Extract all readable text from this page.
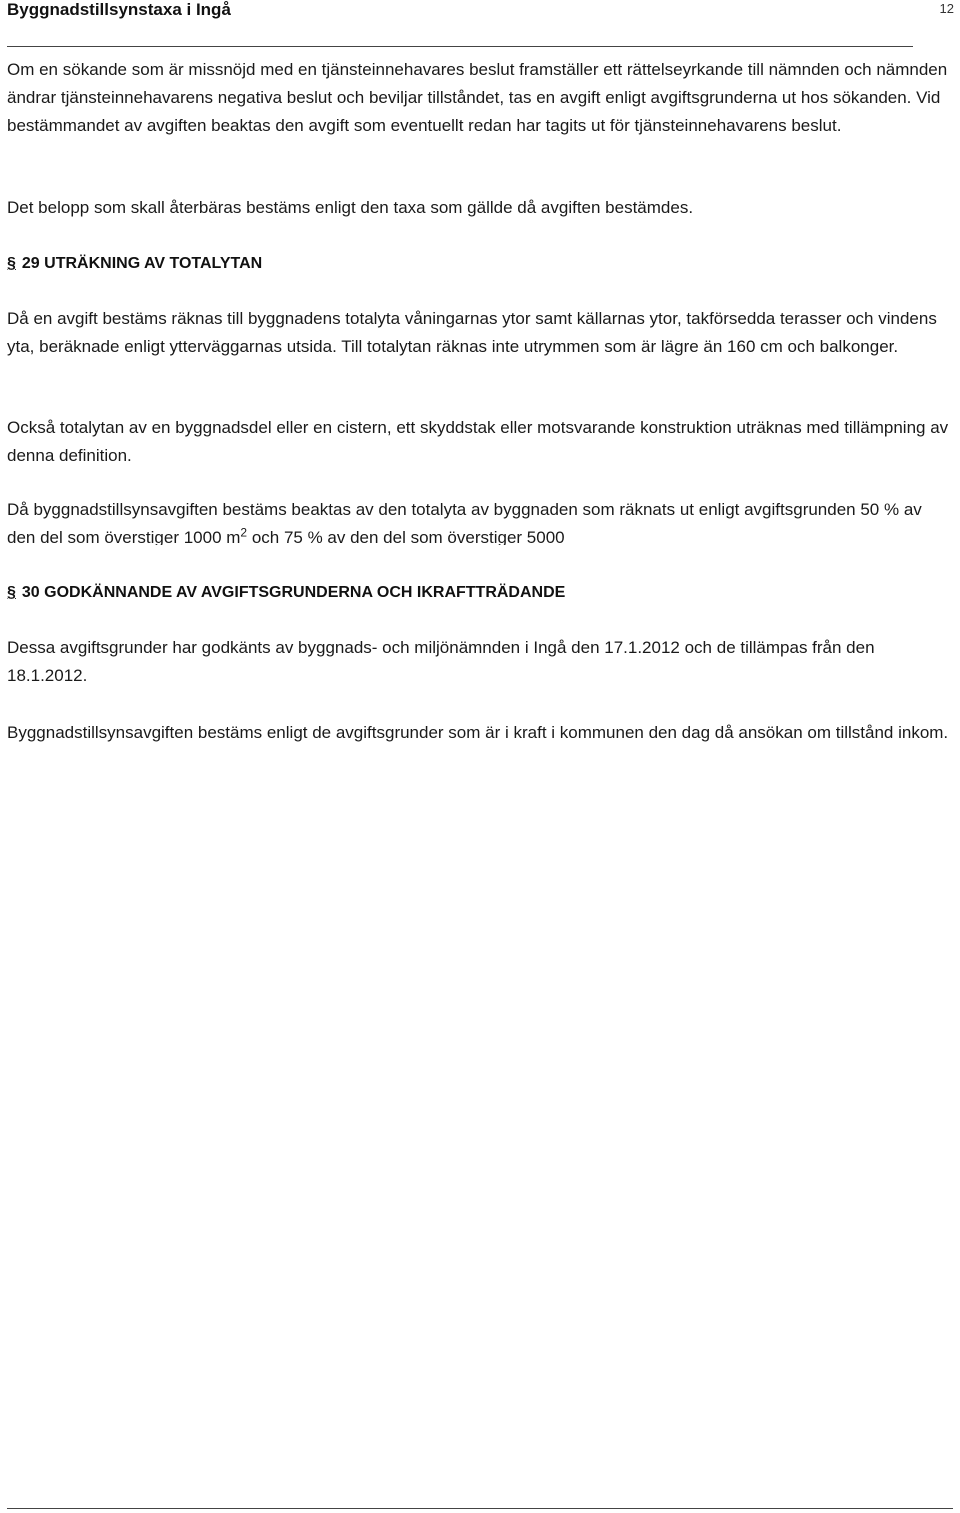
Byggnadstillsynstaxa i Ingå	12

Om en sökande som är missnöjd med en tjänsteinnehavares beslut framställer ett rättelseyrkande till nämnden och nämnden ändrar tjänsteinnehavarens negativa beslut och beviljar tillståndet, tas en avgift enligt avgiftsgrunderna ut hos sökanden. Vid bestämmandet av avgiften beaktas den avgift som eventuellt redan har tagits ut för tjänsteinnehavarens beslut.

Det belopp som skall återbäras bestäms enligt den taxa som gällde då avgiften bestämdes.

§ 29 UTRÄKNING AV TOTALYTAN

Då en avgift bestäms räknas till byggnadens totalyta våningarnas ytor samt källarnas ytor, takförsedda terasser och vindens yta, beräknade enligt ytterväggarnas utsida. Till totalytan räknas inte utrymmen som är lägre än 160 cm och balkonger.

Också totalytan av en byggnadsdel eller en cistern, ett skyddstak eller motsvarande konstruktion uträknas med tillämpning av denna definition.

Då byggnadstillsynsavgiften bestäms beaktas av den totalyta av byggnaden som räknats ut enligt avgiftsgrunden 50 % av den del som överstiger 1000 $m^2$ och 75 % av den del som överstiger 5000

§ 30 GODKÄNNANDE AV AVGIFTSGRUNDERNA OCH IKRAFTTRÄDANDE

Dessa avgiftsgrunder har godkänts av byggnads- och miljönämnden i Ingå den 17.1.2012 och de tillämpas från den 18.1.2012.

Byggnadstillsynsavgiften bestäms enligt de avgiftsgrunder som är i kraft i kommunen den dag då ansökan om tillstånd inkom.
